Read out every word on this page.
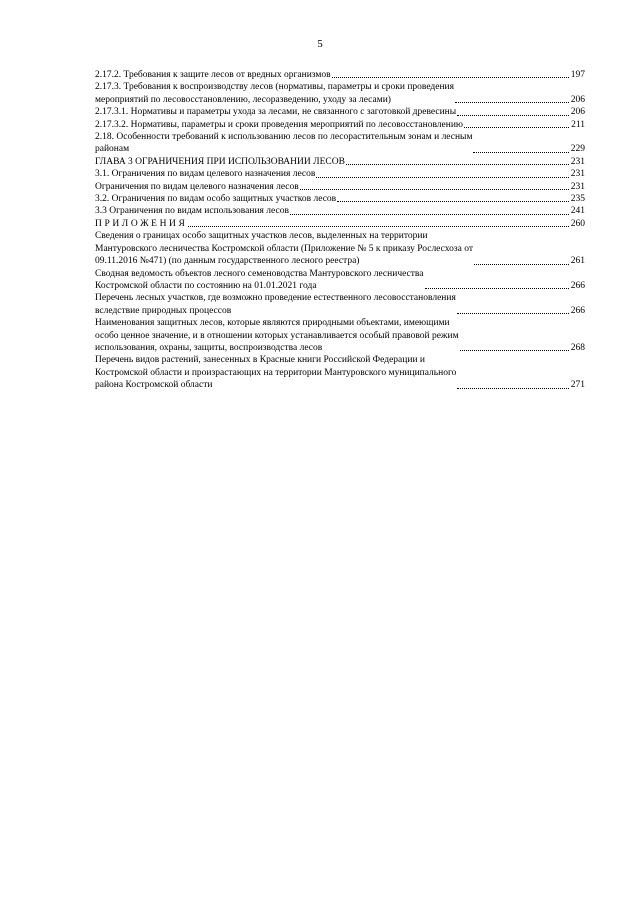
5
2.17.2. Требования к защите лесов от вредных организмов	197
2.17.3. Требования к воспроизводству лесов (нормативы, параметры и сроки проведения
мероприятий по лесовосстановлению, лесоразведению, уходу за лесами)	206
2.17.3.1. Нормативы и параметры ухода за лесами, не связанного с заготовкой древесины	206
2.17.3.2. Нормативы, параметры и сроки проведения мероприятий по лесовосстановлению	211
2.18. Особенности требований к использованию лесов по лесорастительным зонам и лесным
районам	229
ГЛАВА 3 ОГРАНИЧЕНИЯ ПРИ ИСПОЛЬЗОВАНИИ ЛЕСОВ	231
3.1. Ограничения по видам целевого назначения лесов	231
Ограничения по видам целевого назначения лесов	231
3.2. Ограничения по видам особо защитных участков лесов	235
3.3 Ограничения по видам использования лесов	241
ПРИЛОЖЕНИЯ	260
Сведения о границах особо защитных участков лесов, выделенных на территории
Мантуровского лесничества Костромской области (Приложение № 5 к приказу Рослесхоза от
09.11.2016 №471) (по данным государственного лесного реестра)	261
Сводная ведомость объектов лесного семеноводства Мантуровского лесничества
Костромской области по состоянию на 01.01.2021 года	266
Перечень лесных участков, где возможно проведение естественного лесовосстановления
вследствие природных процессов	266
Наименования защитных лесов, которые являются природными объектами, имеющими
особо ценное значение, и в отношении которых устанавливается особый правовой режим
использования, охраны, защиты, воспроизводства лесов	268
Перечень видов растений, занесенных в Красные книги Российской Федерации и
Костромской области и произрастающих на территории Мантуровского муниципального
района Костромской области	271
